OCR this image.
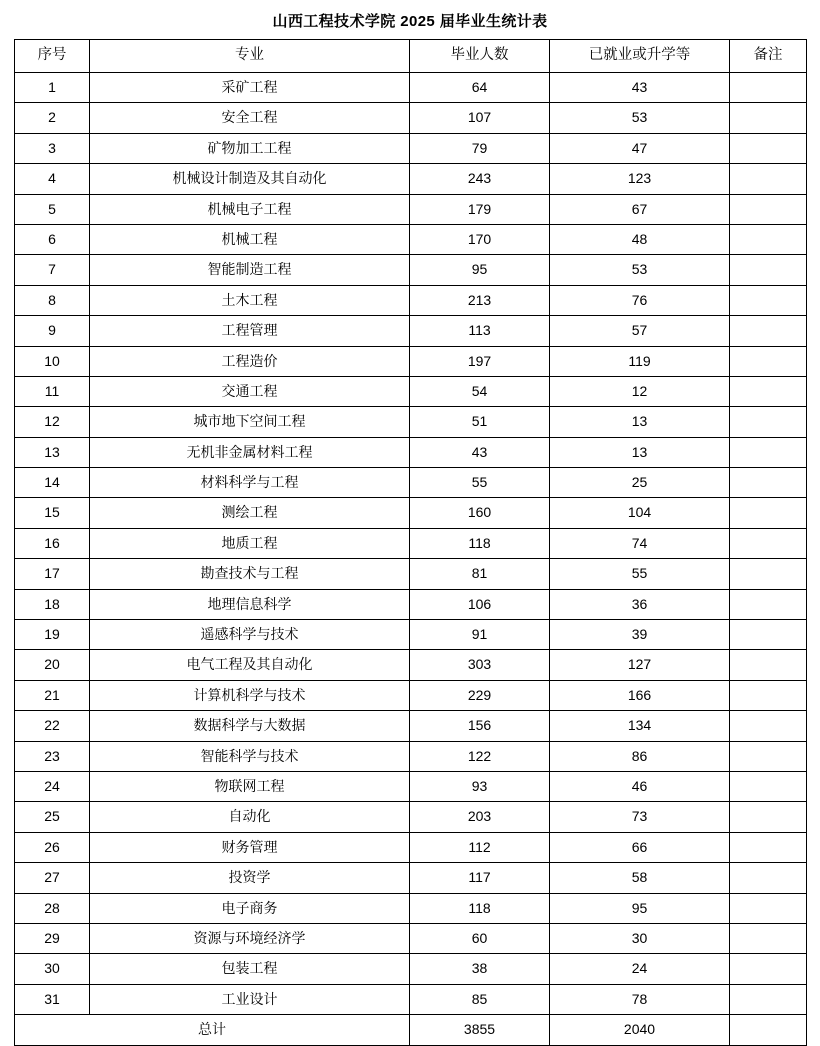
山西工程技术学院 2025 届毕业生统计表
序号	专业	毕业人数	已就业或升学等	备注
1	采矿工程	64	43	
2	安全工程	107	53	
3	矿物加工工程	79	47	
4	机械设计制造及其自动化	243	123	
5	机械电子工程	179	67	
6	机械工程	170	48	
7	智能制造工程	95	53	
8	土木工程	213	76	
9	工程管理	113	57	
10	工程造价	197	119	
11	交通工程	54	12	
12	城市地下空间工程	51	13	
13	无机非金属材料工程	43	13	
14	材料科学与工程	55	25	
15	测绘工程	160	104	
16	地质工程	118	74	
17	勘查技术与工程	81	55	
18	地理信息科学	106	36	
19	遥感科学与技术	91	39	
20	电气工程及其自动化	303	127	
21	计算机科学与技术	229	166	
22	数据科学与大数据	156	134	
23	智能科学与技术	122	86	
24	物联网工程	93	46	
25	自动化	203	73	
26	财务管理	112	66	
27	投资学	117	58	
28	电子商务	118	95	
29	资源与环境经济学	60	30	
30	包装工程	38	24	
31	工业设计	85	78	
总计		3855	2040	
